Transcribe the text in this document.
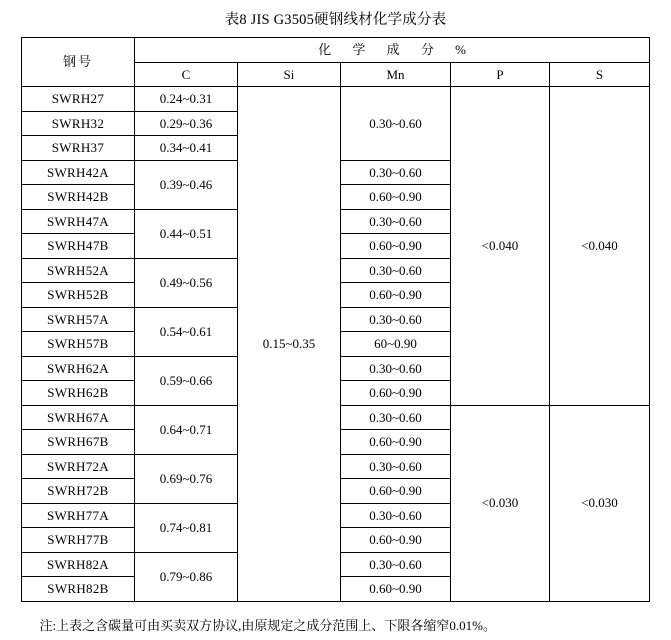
表8 JIS G3505硬钢线材化学成分表
钢号	化 学 成 分 %				
	C	Si	Mn	P	S
SWRH27	0.24~0.31	0.15~0.35	0.30~0.60	<0.040	<0.040
SWRH32	0.29~0.36				
SWRH37	0.34~0.41				
SWRH42A	0.39~0.46		0.30~0.60		
SWRH42B			0.60~0.90		
SWRH47A	0.44~0.51		0.30~0.60		
SWRH47B			0.60~0.90		
SWRH52A	0.49~0.56		0.30~0.60		
SWRH52B			0.60~0.90		
SWRH57A	0.54~0.61		0.30~0.60		
SWRH57B			60~0.90		
SWRH62A	0.59~0.66		0.30~0.60		
SWRH62B			0.60~0.90		
SWRH67A	0.64~0.71		0.30~0.60	<0.030	<0.030
SWRH67B			0.60~0.90		
SWRH72A	0.69~0.76		0.30~0.60		
SWRH72B			0.60~0.90		
SWRH77A	0.74~0.81		0.30~0.60		
SWRH77B			0.60~0.90		
SWRH82A	0.79~0.86		0.30~0.60		
SWRH82B			0.60~0.90		
注:上表之含碳量可由买卖双方协议,由原规定之成分范围上、下限各缩窄0.01%。
